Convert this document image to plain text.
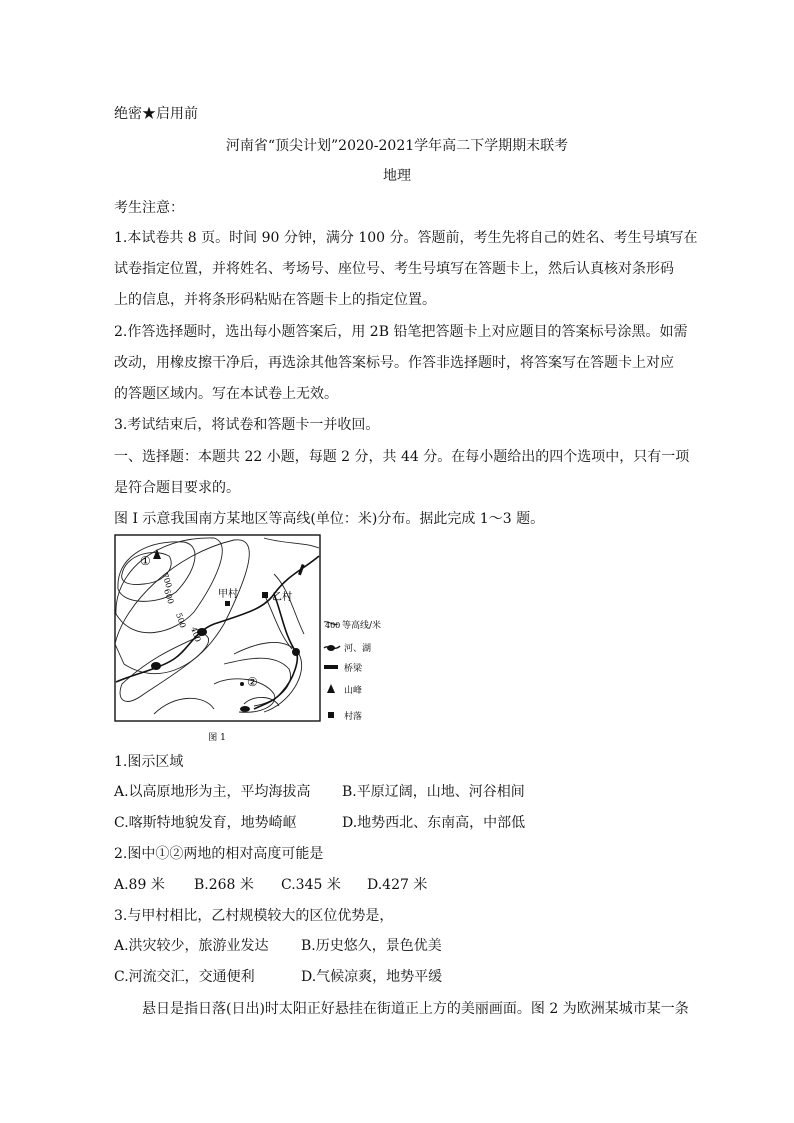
绝密★启用前
河南省“顶尖计划”2020-2021学年高二下学期期末联考
地理
考生注意：
1.本试卷共 8 页。时间 90 分钟，满分 100 分。答题前，考生先将自己的姓名、考生号填写在
试卷指定位置，并将姓名、考场号、座位号、考生号填写在答题卡上，然后认真核对条形码
上的信息，并将条形码粘贴在答题卡上的指定位置。
2.作答选择题时，选出每小题答案后，用 2B 铅笔把答题卡上对应题目的答案标号涂黑。如需
改动，用橡皮擦干净后，再选涂其他答案标号。作答非选择题时，将答案写在答题卡上对应
的答题区域内。写在本试卷上无效。
3.考试结束后，将试卷和答题卡一并收回。
一、选择题：本题共 22 小题，每题 2 分，共 44 分。在每小题给出的四个选项中，只有一项
是符合题目要求的。
图 I 示意我国南方某地区等高线(单位：米)分布。据此完成 1～3 题。
①
②
甲村	乙村
700
600
500
400
400 等高线/米
河、湖
桥梁
山峰
村落
图 1
1.图示区域
A.以高原地形为主，平均海拔高 B.平原辽阔，山地、河谷相间
C.喀斯特地貌发育，地势崎岖	D.地势西北、东南高，中部低
2.图中①②两地的相对高度可能是
A.89 米 B.268 米 C.345 米 D.427 米
3.与甲村相比，乙村规模较大的区位优势是，
A.洪灾较少，旅游业发达 B.历史悠久，景色优美
C.河流交汇，交通便利	D.气候凉爽，地势平缓
悬日是指日落(日出)时太阳正好悬挂在街道正上方的美丽画面。图 2 为欧洲某城市某一条
